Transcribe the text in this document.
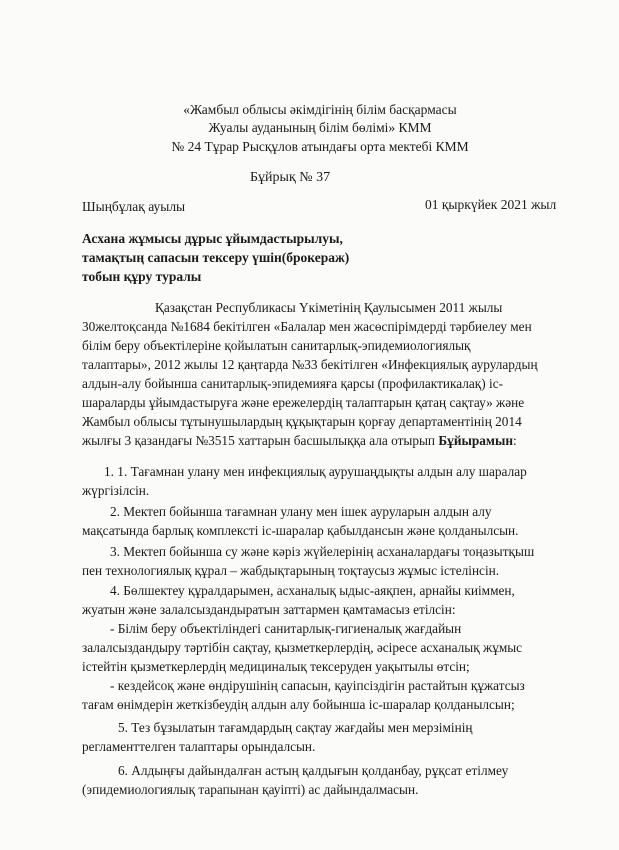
«Жамбыл облысы әкімдігінің білім басқармасы
Жуалы ауданының білім бөлімі» КММ
№ 24 Тұрар Рысқұлов атындағы орта мектебі КММ
Бұйрық № 37
Шыңбұлақ ауылы	01 қыркүйек 2021 жыл
Асхана жұмысы дұрыс ұйымдастырылуы,
тамақтың сапасын тексеру үшін(брокераж)
тобын құру туралы
Қазақстан Республикасы Үкіметінің Қаулысымен 2011 жылы
30желтоқсанда №1684 бекітілген «Балалар мен жасөспірімдерді тәрбиелеу мен
білім беру объектілеріне қойылатын санитарлық-эпидемиологиялық
талаптары», 2012 жылы 12 қаңтарда №33 бекітілген «Инфекциялық аурулардың
алдын-алу бойынша санитарлық-эпидемияға қарсы (профилактикалақ) іс-
шараларды ұйымдастыруға және ережелердің талаптарын қатаң сақтау» және
Жамбыл облысы тұтынушылардың құқықтарын қорғау департаментінің 2014
жылғы 3 қазандағы №3515 хаттарын басшылыққа ала отырып Бұйырамын:
1. 1. Тағамнан улану мен инфекциялық аурушаңдықты алдын алу шаралар
жүргізілсін.
2. Мектеп бойынша тағамнан улану мен ішек ауруларын алдын алу
мақсатында барлық комплексті іс-шаралар қабылдансын және қолданылсын.
3. Мектеп бойынша су және кәріз жүйелерінің асханалардағы тоңазытқыш
пен технологиялық құрал – жабдықтарының тоқтаусыз жұмыс істелінсін.
4. Бөлшектеу құралдарымен, асханалық ыдыс-аяқпен, арнайы киіммен,
жуатын және залалсыздандыратын заттармен қамтамасыз етілсін:
- Білім беру объектіліндегі санитарлық-гигиеналық жағдайын
залалсыздандыру тәртібін сақтау, қызметкерлердің, әсіресе асханалық жұмыс
істейтін қызметкерлердің медициналық тексеруден уақытылы өтсін;
- кездейсоқ және өндірушінің сапасын, қауіпсіздігін растайтын құжатсыз
тағам өнімдерін жеткізбеудің алдын алу бойынша іс-шаралар қолданылсын;
5. Тез бұзылатын тағамдардың сақтау жағдайы мен мерзімінің
регламенттелген талаптары орындалсын.
6. Алдыңғы дайындалған астың қалдығын қолданбау, рұқсат етілмеу
(эпидемиологиялық тарапынан қауіпті) ас дайындалмасын.
